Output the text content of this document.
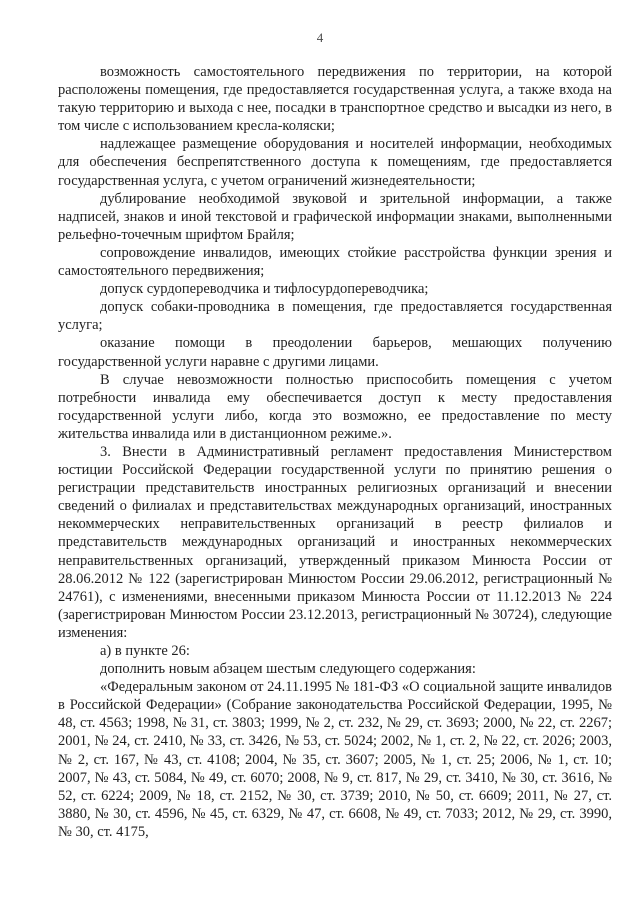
4

возможность самостоятельного передвижения по территории, на которой расположены помещения, где предоставляется государственная услуга, а также входа на такую территорию и выхода с нее, посадки в транспортное средство и высадки из него, в том числе с использованием кресла-коляски;

надлежащее размещение оборудования и носителей информации, необходимых для обеспечения беспрепятственного доступа к помещениям, где предоставляется государственная услуга, с учетом ограничений жизнедеятельности;

дублирование необходимой звуковой и зрительной информации, а также надписей, знаков и иной текстовой и графической информации знаками, выполненными рельефно-точечным шрифтом Брайля;

сопровождение инвалидов, имеющих стойкие расстройства функции зрения и самостоятельного передвижения;

допуск сурдопереводчика и тифлосурдопереводчика;

допуск собаки-проводника в помещения, где предоставляется государственная услуга;

оказание помощи в преодолении барьеров, мешающих получению государственной услуги наравне с другими лицами.

В случае невозможности полностью приспособить помещения с учетом потребности инвалида ему обеспечивается доступ к месту предоставления государственной услуги либо, когда это возможно, ее предоставление по месту жительства инвалида или в дистанционном режиме.».

3. Внести в Административный регламент предоставления Министерством юстиции Российской Федерации государственной услуги по принятию решения о регистрации представительств иностранных религиозных организаций и внесении сведений о филиалах и представительствах международных организаций, иностранных некоммерческих неправительственных организаций в реестр филиалов и представительств международных организаций и иностранных некоммерческих неправительственных организаций, утвержденный приказом Минюста России от 28.06.2012 № 122 (зарегистрирован Минюстом России 29.06.2012, регистрационный № 24761), с изменениями, внесенными приказом Минюста России от 11.12.2013 № 224 (зарегистрирован Минюстом России 23.12.2013, регистрационный № 30724), следующие изменения:

а) в пункте 26:

дополнить новым абзацем шестым следующего содержания:

«Федеральным законом от 24.11.1995 № 181-ФЗ «О социальной защите инвалидов в Российской Федерации» (Собрание законодательства Российской Федерации, 1995, № 48, ст. 4563; 1998, № 31, ст. 3803; 1999, № 2, ст. 232, № 29, ст. 3693; 2000, № 22, ст. 2267; 2001, № 24, ст. 2410, № 33, ст. 3426, № 53, ст. 5024; 2002, № 1, ст. 2, № 22, ст. 2026; 2003, № 2, ст. 167, № 43, ст. 4108; 2004, № 35, ст. 3607; 2005, № 1, ст. 25; 2006, № 1, ст. 10; 2007, № 43, ст. 5084, № 49, ст. 6070; 2008, № 9, ст. 817, № 29, ст. 3410, № 30, ст. 3616, № 52, ст. 6224; 2009, № 18, ст. 2152, № 30, ст. 3739; 2010, № 50, ст. 6609; 2011, № 27, ст. 3880, № 30, ст. 4596, № 45, ст. 6329, № 47, ст. 6608, № 49, ст. 7033; 2012, № 29, ст. 3990, № 30, ст. 4175,
